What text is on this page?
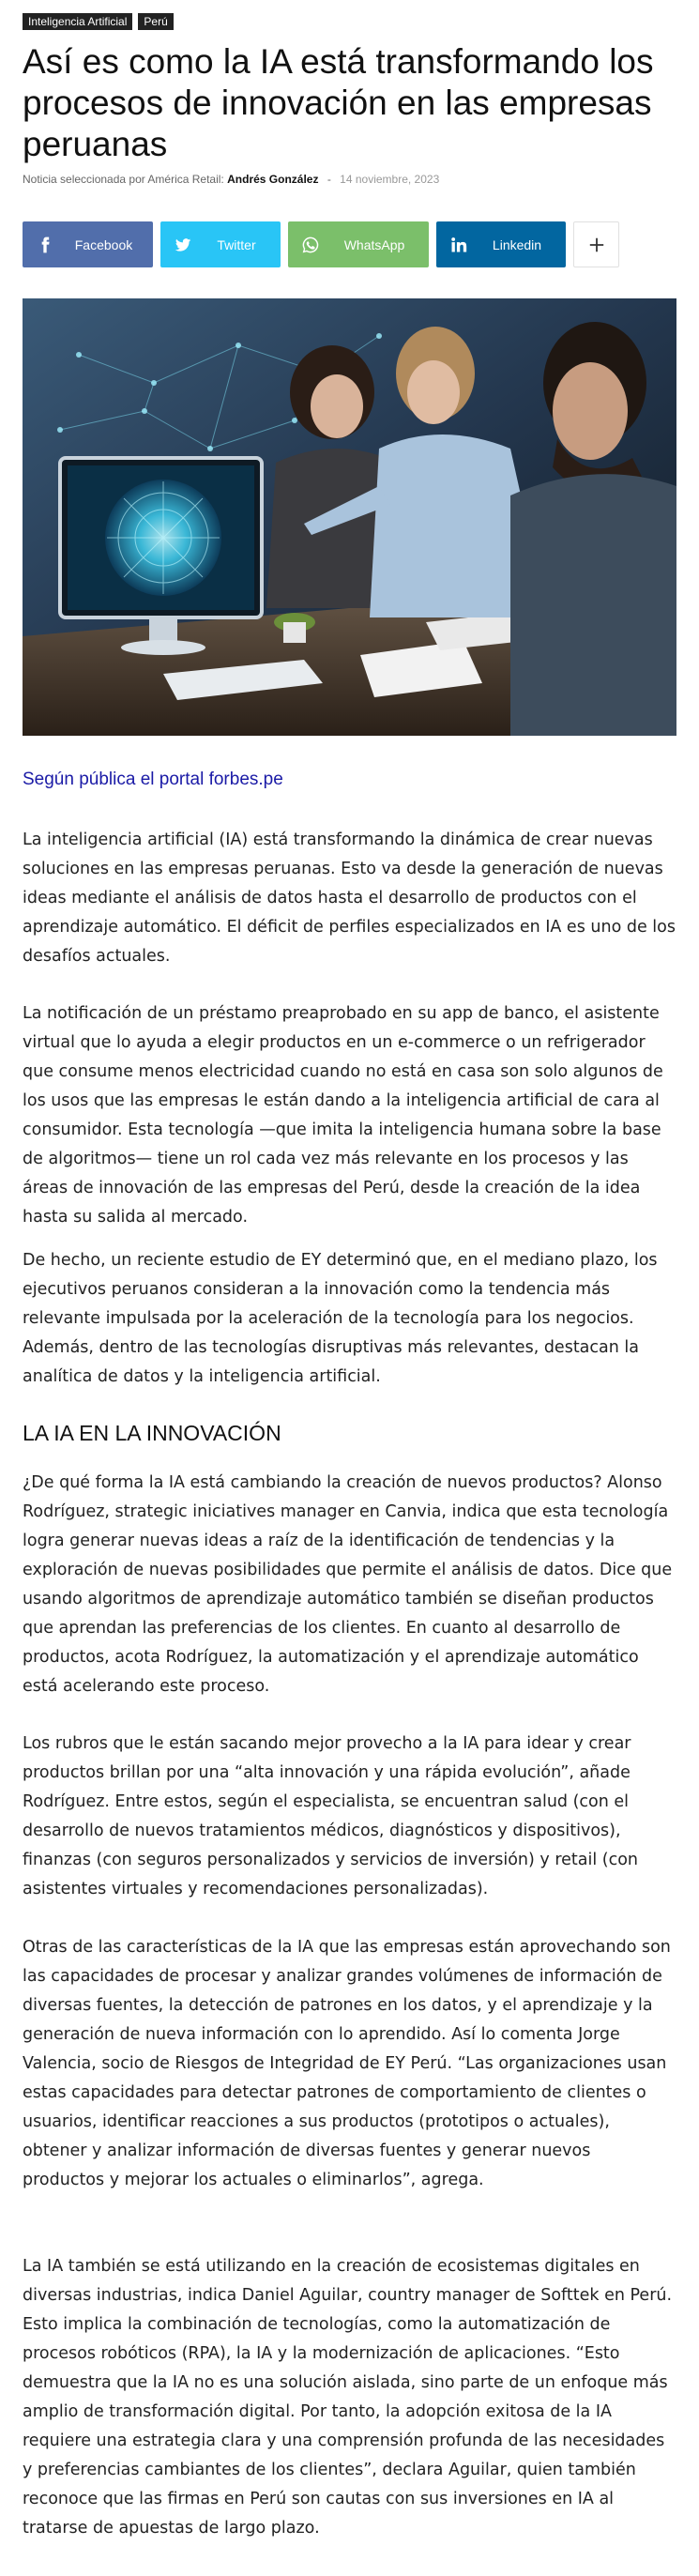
Inteligencia Artificial	Perú
Así es como la IA está transformando los procesos de innovación en las empresas peruanas
Noticia seleccionada por América Retail: Andrés González - 14 noviembre, 2023
Facebook	Twitter	WhatsApp	Linkedin
Según pública el portal forbes.pe
La inteligencia artificial (IA) está transformando la dinámica de crear nuevas soluciones en las empresas peruanas. Esto va desde la generación de nuevas ideas mediante el análisis de datos hasta el desarrollo de productos con el aprendizaje automático. El déficit de perfiles especializados en IA es uno de los desafíos actuales.
La notificación de un préstamo preaprobado en su app de banco, el asistente virtual que lo ayuda a elegir productos en un e-commerce o un refrigerador que consume menos electricidad cuando no está en casa son solo algunos de los usos que las empresas le están dando a la inteligencia artificial de cara al consumidor. Esta tecnología —que imita la inteligencia humana sobre la base de algoritmos— tiene un rol cada vez más relevante en los procesos y las áreas de innovación de las empresas del Perú, desde la creación de la idea hasta su salida al mercado.
De hecho, un reciente estudio de EY determinó que, en el mediano plazo, los ejecutivos peruanos consideran a la innovación como la tendencia más relevante impulsada por la aceleración de la tecnología para los negocios. Además, dentro de las tecnologías disruptivas más relevantes, destacan la analítica de datos y la inteligencia artificial.
LA IA EN LA INNOVACIÓN
¿De qué forma la IA está cambiando la creación de nuevos productos? Alonso Rodríguez, strategic iniciatives manager en Canvia, indica que esta tecnología logra generar nuevas ideas a raíz de la identificación de tendencias y la exploración de nuevas posibilidades que permite el análisis de datos. Dice que usando algoritmos de aprendizaje automático también se diseñan productos que aprendan las preferencias de los clientes. En cuanto al desarrollo de productos, acota Rodríguez, la automatización y el aprendizaje automático está acelerando este proceso.
Los rubros que le están sacando mejor provecho a la IA para idear y crear productos brillan por una “alta innovación y una rápida evolución”, añade Rodríguez. Entre estos, según el especialista, se encuentran salud (con el desarrollo de nuevos tratamientos médicos, diagnósticos y dispositivos), finanzas (con seguros personalizados y servicios de inversión) y retail (con asistentes virtuales y recomendaciones personalizadas).
Otras de las características de la IA que las empresas están aprovechando son las capacidades de procesar y analizar grandes volúmenes de información de diversas fuentes, la detección de patrones en los datos, y el aprendizaje y la generación de nueva información con lo aprendido. Así lo comenta Jorge Valencia, socio de Riesgos de Integridad de EY Perú. “Las organizaciones usan estas capacidades para detectar patrones de comportamiento de clientes o usuarios, identificar reacciones a sus productos (prototipos o actuales), obtener y analizar información de diversas fuentes y generar nuevos productos y mejorar los actuales o eliminarlos”, agrega.
La IA también se está utilizando en la creación de ecosistemas digitales en diversas industrias, indica Daniel Aguilar, country manager de Softtek en Perú. Esto implica la combinación de tecnologías, como la automatización de procesos robóticos (RPA), la IA y la modernización de aplicaciones. “Esto demuestra que la IA no es una solución aislada, sino parte de un enfoque más amplio de transformación digital. Por tanto, la adopción exitosa de la IA requiere una estrategia clara y una comprensión profunda de las necesidades y preferencias cambiantes de los clientes”, declara Aguilar, quien también reconoce que las firmas en Perú son cautas con sus inversiones en IA al tratarse de apuestas de largo plazo.
